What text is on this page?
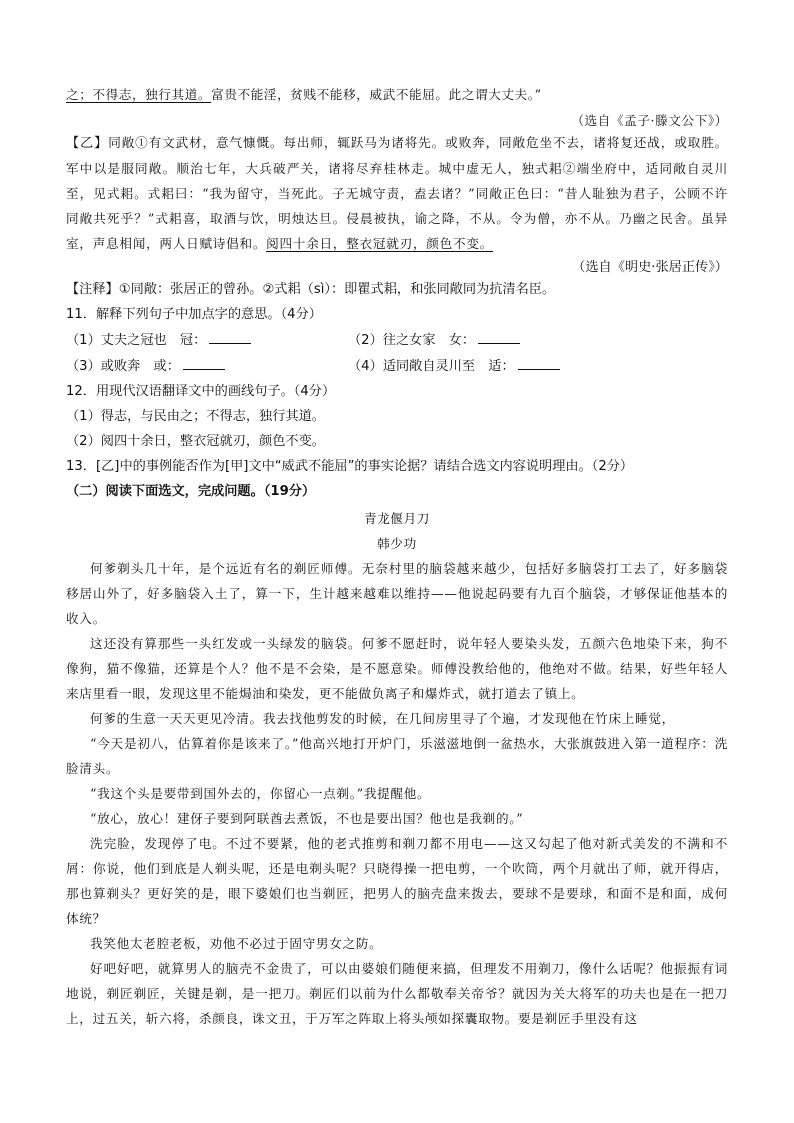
之；不得志，独行其道。富贵不能淫，贫贱不能移，威武不能屈。此之谓大丈夫。”
（选自《孟子·滕文公下》）
【乙】同敞①有文武材，意气慷慨。每出师，辄跃马为诸将先。或败奔，同敞危坐不去，诸将复还战，或取胜。军中以是服同敞。顺治七年，大兵破严关，诸将尽弃桂林走。城中虚无人，独式耜②端坐府中，适同敞自灵川至，见式耜。式耜曰：“我为留守，当死此。子无城守责，盍去诸？”同敞正色曰：“昔人耻独为君子，公顾不许同敞共死乎？”式耜喜，取酒与饮，明烛达旦。侵晨被执，谕之降，不从。令为僧，亦不从。乃幽之民舍。虽异室，声息相闻，两人日赋诗倡和。阅四十余日，整衣冠就刃，颜色不变。
（选自《明史·张居正传》）
【注释】①同敞：张居正的曾孙。②式耜（sì）：即瞿式耜，和张同敞同为抗清名臣。
11．解释下列句子中加点字的意思。（4分）
（1）丈夫之冠也　冠：	（2）往之女家　女：
（3）或败奔　或：	（4）适同敞自灵川至　适：
12．用现代汉语翻译文中的画线句子。（4分）
（1）得志，与民由之；不得志，独行其道。
（2）阅四十余日，整衣冠就刃，颜色不变。
13．[乙]中的事例能否作为[甲]文中“威武不能屈”的事实论据？请结合选文内容说明理由。（2分）
（二）阅读下面选文，完成问题。（19分）
青龙偃月刀
韩少功

何爹剃头几十年，是个远近有名的剃匠师傅。无奈村里的脑袋越来越少，包括好多脑袋打工去了，好多脑袋移居山外了，好多脑袋入土了，算一下，生计越来越难以维持——他说起码要有九百个脑袋，才够保证他基本的收入。

这还没有算那些一头红发或一头绿发的脑袋。何爹不愿赶时，说年轻人要染头发，五颜六色地染下来，狗不像狗，猫不像猫，还算是个人？他不是不会染，是不愿意染。师傅没教给他的，他绝对不做。结果，好些年轻人来店里看一眼，发现这里不能焗油和染发，更不能做负离子和爆炸式，就打道去了镇上。

何爹的生意一天天更见冷清。我去找他剪发的时候，在几间房里寻了个遍，才发现他在竹床上睡觉，

“今天是初八，估算着你是该来了。”他高兴地打开炉门，乐滋滋地倒一盆热水，大张旗鼓进入第一道程序：洗脸清头。

“我这个头是要带到国外去的，你留心一点剃。”我提醒他。

“放心，放心！建伢子要到阿联酋去煮饭，不也是要出国？他也是我剃的。”

洗完脸，发现停了电。不过不要紧，他的老式推剪和剃刀都不用电——这又勾起了他对新式美发的不满和不屑：你说，他们到底是人剃头呢，还是电剃头呢？只晓得操一把电剪，一个吹筒，两个月就出了师，就开得店，那也算剃头？更好笑的是，眼下婆娘们也当剃匠，把男人的脑壳盘来拨去，要球不是要球，和面不是和面，成何体统？

我笑他太老腔老板，劝他不必过于固守男女之防。

好吧好吧，就算男人的脑壳不金贵了，可以由婆娘们随便来搞，但理发不用剃刀，像什么话呢？他振振有词地说，剃匠剃匠，关键是剃，是一把刀。剃匠们以前为什么都敬奉关帝爷？就因为关大将军的功夫也是在一把刀上，过五关，斩六将，杀颜良，诛文丑，于万军之阵取上将头颅如探囊取物。要是剃匠手里没有这
